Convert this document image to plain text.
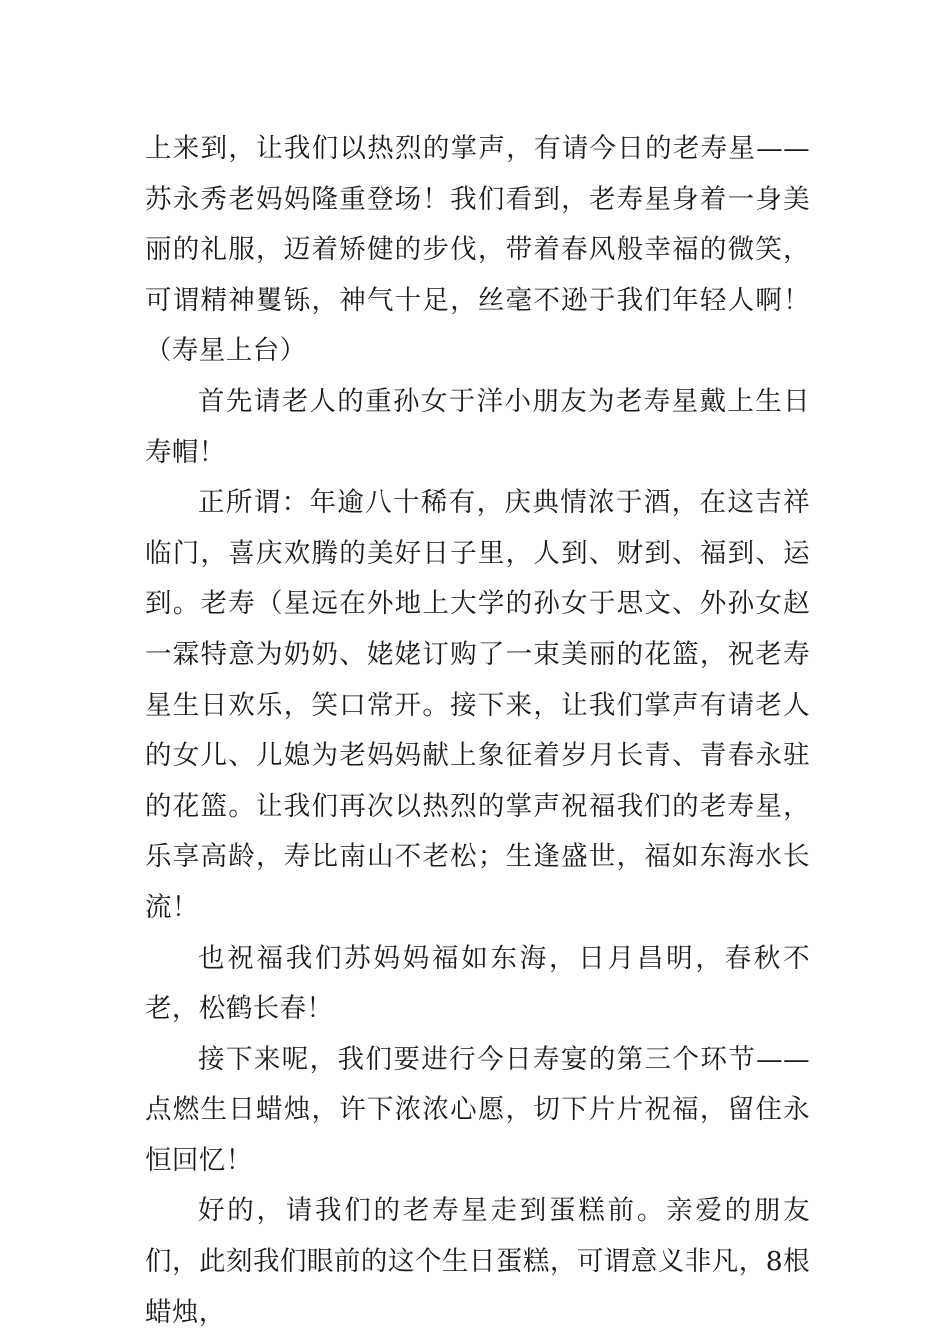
上来到，让我们以热烈的掌声，有请今日的老寿星——苏永秀老妈妈隆重登场！我们看到，老寿星身着一身美丽的礼服，迈着矫健的步伐，带着春风般幸福的微笑，可谓精神矍铄，神气十足，丝毫不逊于我们年轻人啊！（寿星上台）

首先请老人的重孙女于洋小朋友为老寿星戴上生日寿帽！

正所谓：年逾八十稀有，庆典情浓于酒，在这吉祥临门，喜庆欢腾的美好日子里，人到、财到、福到、运到。老寿（星远在外地上大学的孙女于思文、外孙女赵一霖特意为奶奶、姥姥订购了一束美丽的花篮，祝老寿星生日欢乐，笑口常开。接下来，让我们掌声有请老人的女儿、儿媳为老妈妈献上象征着岁月长青、青春永驻的花篮。让我们再次以热烈的掌声祝福我们的老寿星，乐享高龄，寿比南山不老松；生逢盛世，福如东海水长流！

也祝福我们苏妈妈福如东海，日月昌明，春秋不老，松鹤长春！

接下来呢，我们要进行今日寿宴的第三个环节——点燃生日蜡烛，许下浓浓心愿，切下片片祝福，留住永恒回忆！

好的，请我们的老寿星走到蛋糕前。亲爱的朋友们，此刻我们眼前的这个生日蛋糕，可谓意义非凡，8根蜡烛，
